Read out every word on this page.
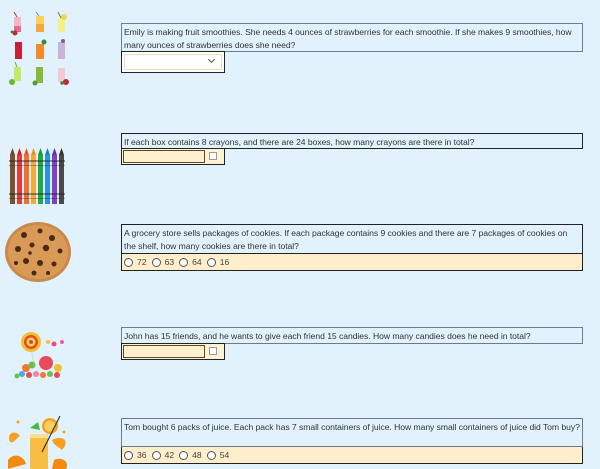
Emily is making fruit smoothies. She needs 4 ounces of strawberries for each smoothie. If she makes 9 smoothies, how many ounces of strawberries does she need?
If each box contains 8 crayons, and there are 24 boxes, how many crayons are there in total?
A grocery store sells packages of cookies. If each package contains 9 cookies and there are 7 packages of cookies on the shelf, how many cookies are there in total?
72 63 64 16
John has 15 friends, and he wants to give each friend 15 candies. How many candies does he need in total?
Tom bought 6 packs of juice. Each pack has 7 small containers of juice. How many small containers of juice did Tom buy?
36 42 48 54
